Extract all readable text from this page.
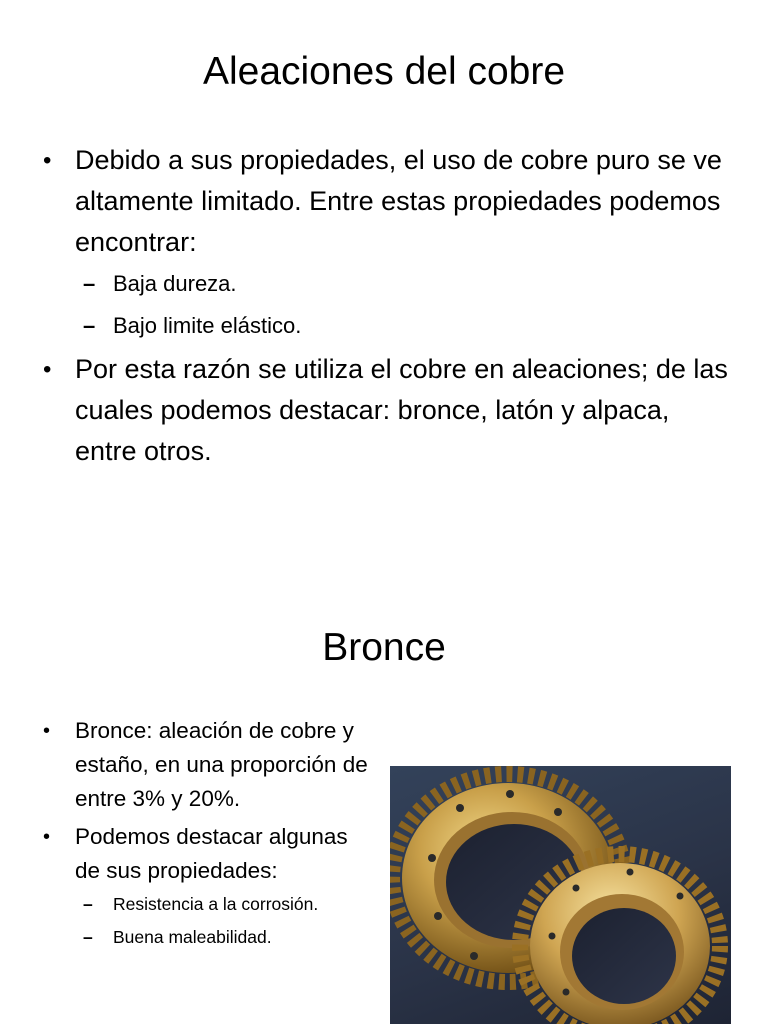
Aleaciones del cobre
• Debido a sus propiedades, el uso de cobre puro se ve altamente limitado. Entre estas propiedades podemos encontrar:
– Baja dureza.
– Bajo limite elástico.
• Por esta razón se utiliza el cobre en aleaciones; de las cuales podemos destacar: bronce, latón y alpaca, entre otros.
Bronce
• Bronce: aleación de cobre y estaño, en una proporción de entre 3% y 20%.
• Podemos destacar algunas de sus propiedades:
– Resistencia a la corrosión.
– Buena maleabilidad.
